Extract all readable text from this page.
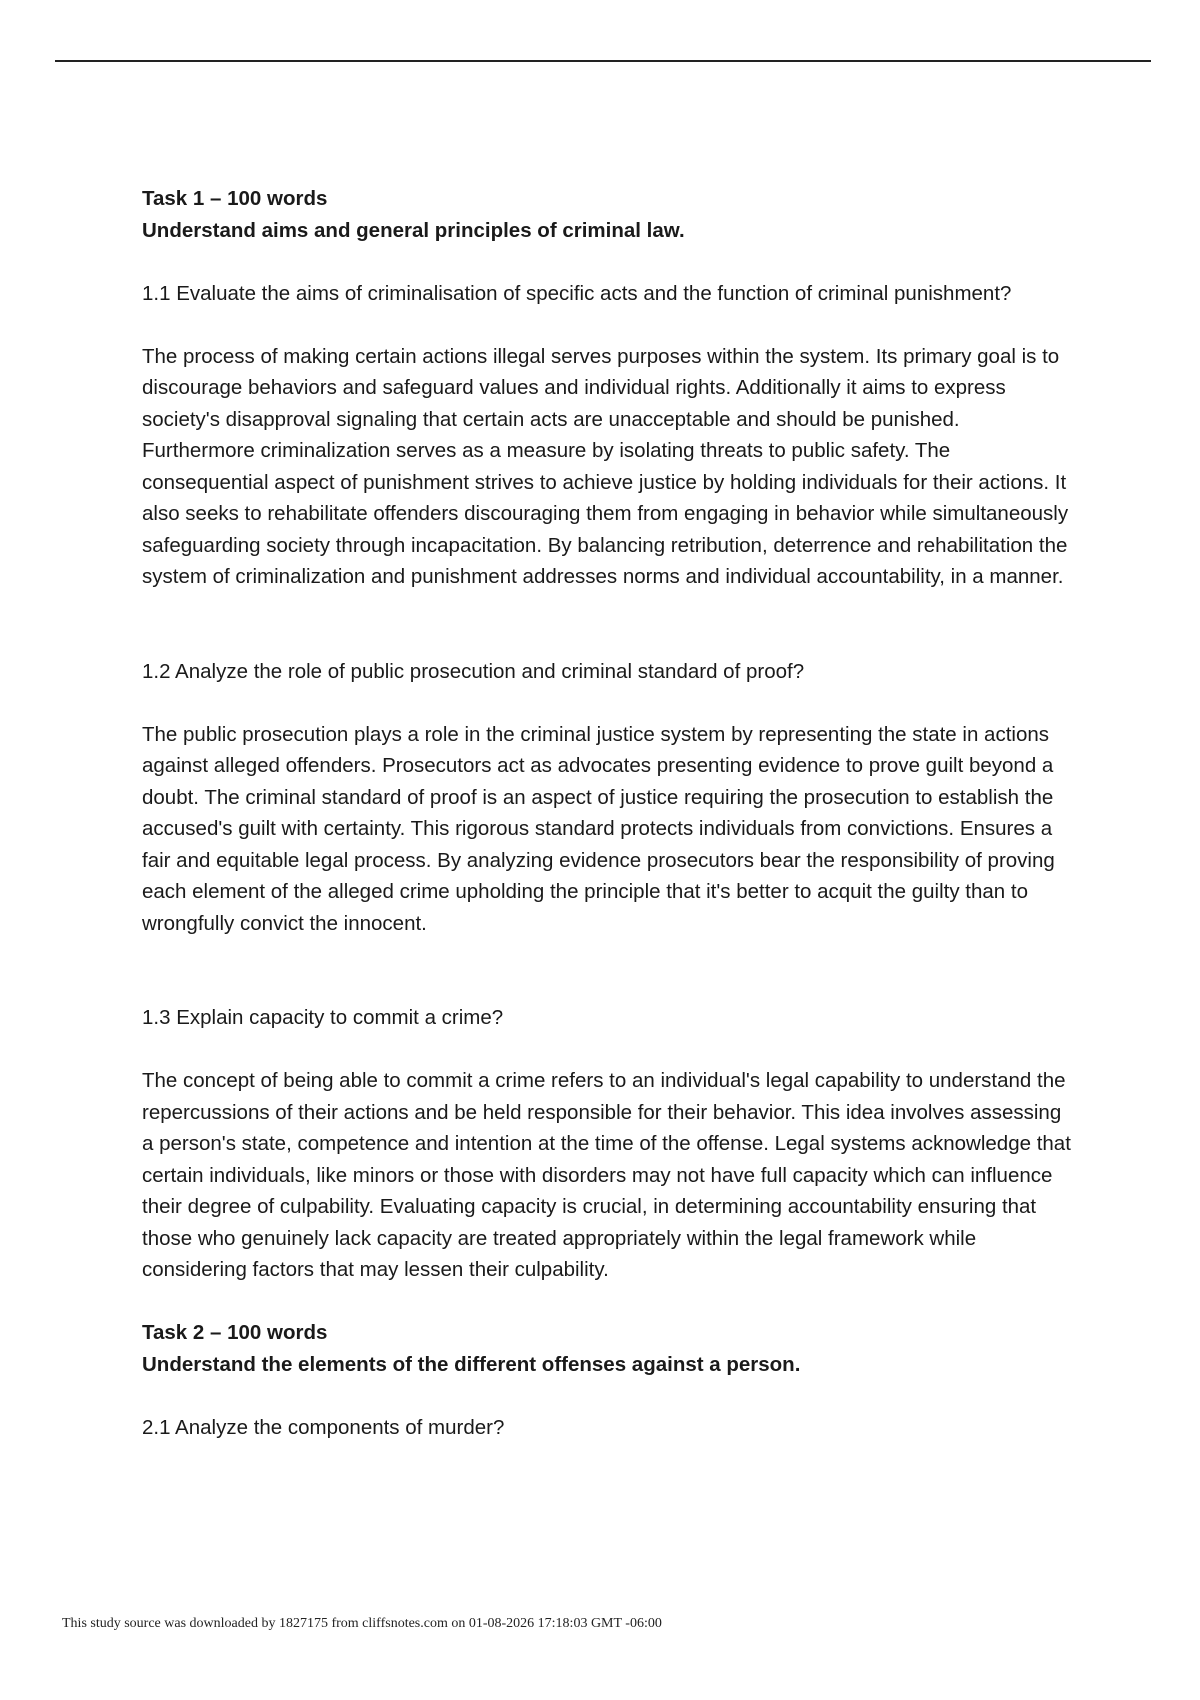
Task 1 – 100 words

Understand aims and general principles of criminal law.

1.1 Evaluate the aims of criminalisation of specific acts and the function of criminal punishment?

The process of making certain actions illegal serves purposes within the system. Its primary goal is to discourage behaviors and safeguard values and individual rights. Additionally it aims to express society's disapproval signaling that certain acts are unacceptable and should be punished. Furthermore criminalization serves as a measure by isolating threats to public safety. The consequential aspect of punishment strives to achieve justice by holding individuals for their actions. It also seeks to rehabilitate offenders discouraging them from engaging in behavior while simultaneously safeguarding society through incapacitation. By balancing retribution, deterrence and rehabilitation the system of criminalization and punishment addresses norms and individual accountability, in a manner.

1.2 Analyze the role of public prosecution and criminal standard of proof?

The public prosecution plays a role in the criminal justice system by representing the state in actions against alleged offenders. Prosecutors act as advocates presenting evidence to prove guilt beyond a doubt. The criminal standard of proof is an aspect of justice requiring the prosecution to establish the accused's guilt with certainty. This rigorous standard protects individuals from convictions. Ensures a fair and equitable legal process. By analyzing evidence prosecutors bear the responsibility of proving each element of the alleged crime upholding the principle that it's better to acquit the guilty than to wrongfully convict the innocent.

1.3 Explain capacity to commit a crime?

The concept of being able to commit a crime refers to an individual's legal capability to understand the repercussions of their actions and be held responsible for their behavior. This idea involves assessing a person's state, competence and intention at the time of the offense. Legal systems acknowledge that certain individuals, like minors or those with disorders may not have full capacity which can influence their degree of culpability. Evaluating capacity is crucial, in determining accountability ensuring that those who genuinely lack capacity are treated appropriately within the legal framework while considering factors that may lessen their culpability.

Task 2 – 100 words

Understand the elements of the different offenses against a person.

2.1 Analyze the components of murder?

This study source was downloaded by 1827175 from cliffsnotes.com on 01-08-2026 17:18:03 GMT -06:00
